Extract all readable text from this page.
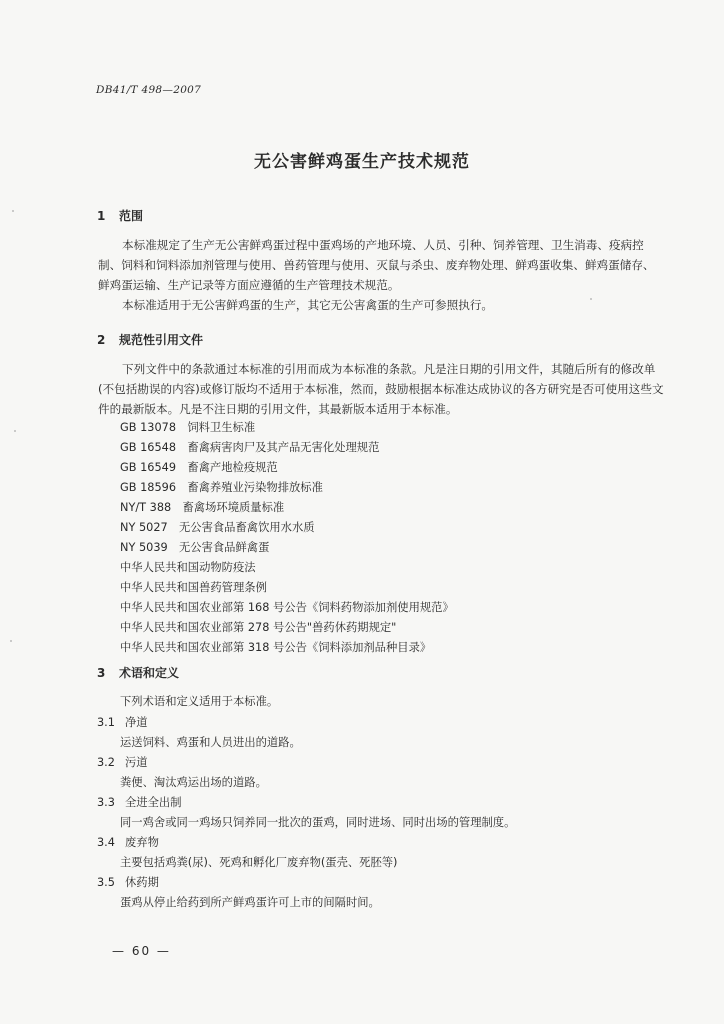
DB41/T 498—2007
无公害鲜鸡蛋生产技术规范
1 范围
本标准规定了生产无公害鲜鸡蛋过程中蛋鸡场的产地环境、人员、引种、饲养管理、卫生消毒、疫病控制、饲料和饲料添加剂管理与使用、兽药管理与使用、灭鼠与杀虫、废弃物处理、鲜鸡蛋收集、鲜鸡蛋储存、鲜鸡蛋运输、生产记录等方面应遵循的生产管理技术规范。
本标准适用于无公害鲜鸡蛋的生产，其它无公害禽蛋的生产可参照执行。
2 规范性引用文件
下列文件中的条款通过本标准的引用而成为本标准的条款。凡是注日期的引用文件，其随后所有的修改单(不包括勘误的内容)或修订版均不适用于本标准，然而，鼓励根据本标准达成协议的各方研究是否可使用这些文件的最新版本。凡是不注日期的引用文件，其最新版本适用于本标准。
GB 13078　饲料卫生标准
GB 16548　畜禽病害肉尸及其产品无害化处理规范
GB 16549　畜禽产地检疫规范
GB 18596　畜禽养殖业污染物排放标准
NY/T 388　畜禽场环境质量标准
NY 5027　无公害食品畜禽饮用水水质
NY 5039　无公害食品鲜禽蛋
中华人民共和国动物防疫法
中华人民共和国兽药管理条例
中华人民共和国农业部第 168 号公告《饲料药物添加剂使用规范》
中华人民共和国农业部第 278 号公告"兽药休药期规定"
中华人民共和国农业部第 318 号公告《饲料添加剂品种目录》
3 术语和定义
下列术语和定义适用于本标准。
3.1 净道
运送饲料、鸡蛋和人员进出的道路。
3.2 污道
粪便、淘汰鸡运出场的道路。
3.3 全进全出制
同一鸡舍或同一鸡场只饲养同一批次的蛋鸡，同时进场、同时出场的管理制度。
3.4 废弃物
主要包括鸡粪(尿)、死鸡和孵化厂废弃物(蛋壳、死胚等)
3.5 休药期
蛋鸡从停止给药到所产鲜鸡蛋许可上市的间隔时间。
— 60 —
